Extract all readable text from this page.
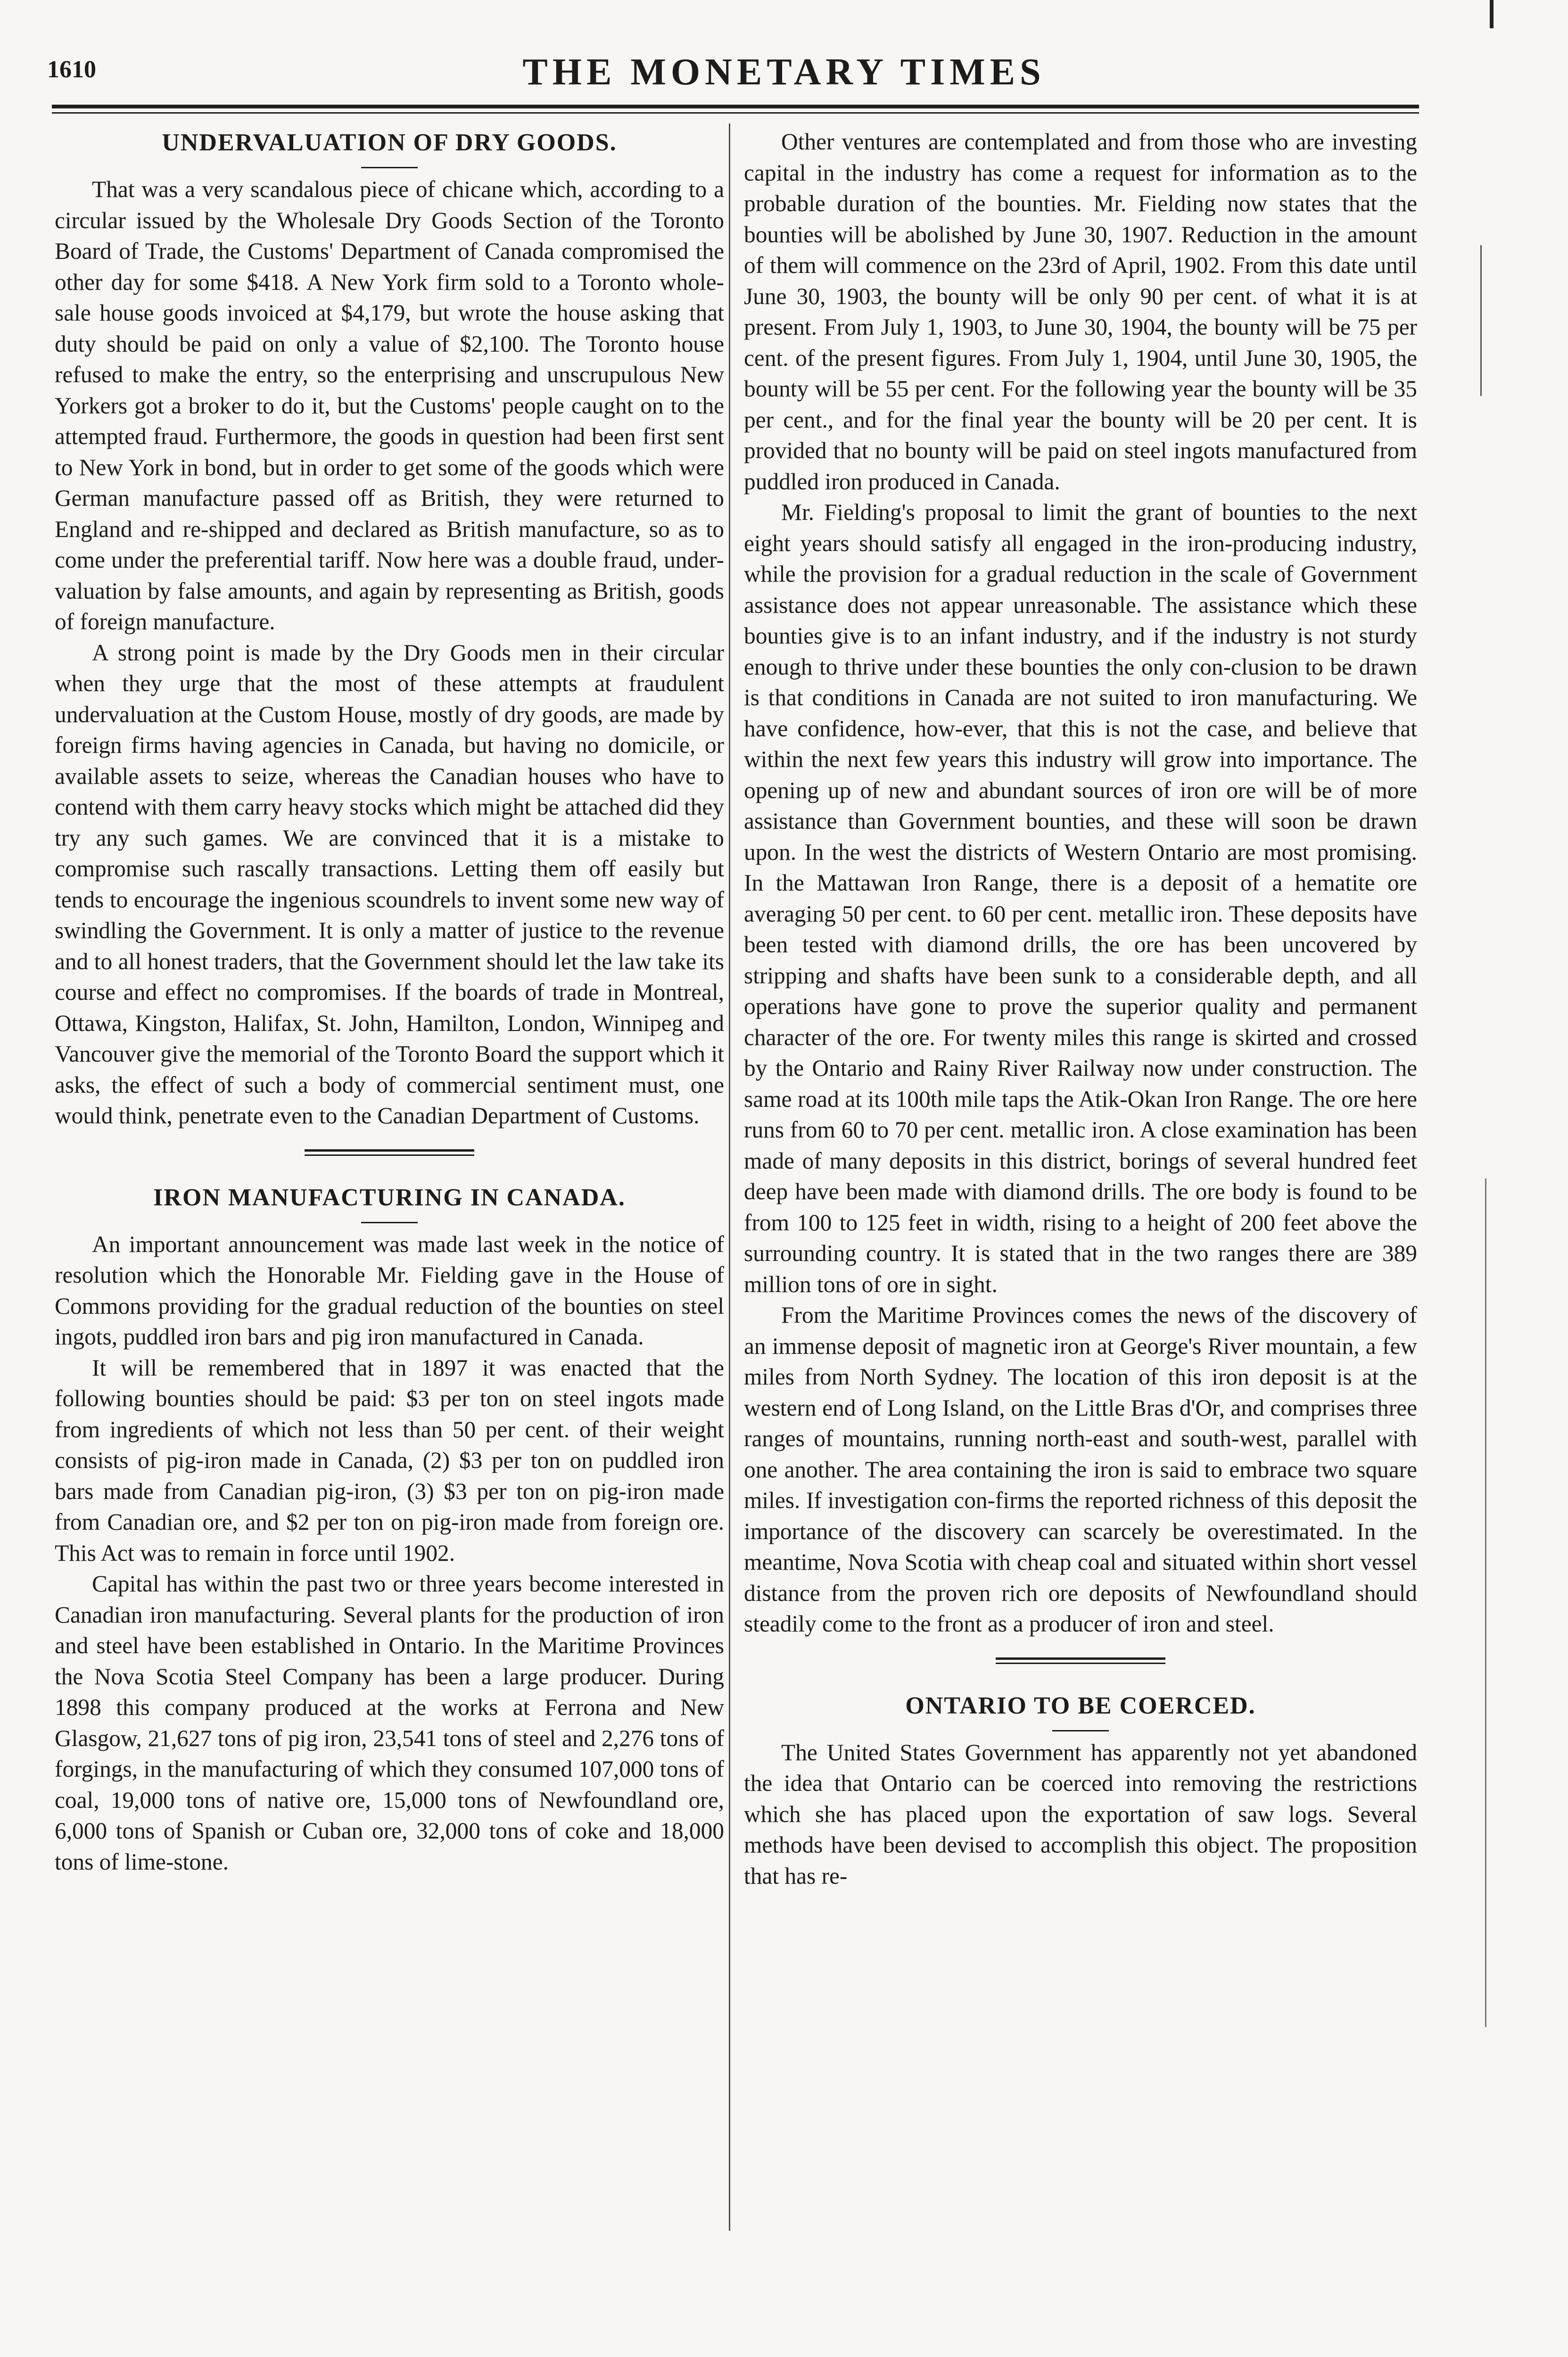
1610	THE MONETARY TIMES
UNDERVALUATION OF DRY GOODS.

That was a very scandalous piece of chicane which, according to a circular issued by the Wholesale Dry Goods Section of the Toronto Board of Trade, the Customs' Department of Canada compromised the other day for some $418. A New York firm sold to a Toronto whole-sale house goods invoiced at $4,179, but wrote the house asking that duty should be paid on only a value of $2,100. The Toronto house refused to make the entry, so the enterprising and unscrupulous New Yorkers got a broker to do it, but the Customs' people caught on to the attempted fraud. Furthermore, the goods in question had been first sent to New York in bond, but in order to get some of the goods which were German manufacture passed off as British, they were returned to England and re-shipped and declared as British manufacture, so as to come under the preferential tariff. Now here was a double fraud, under-valuation by false amounts, and again by representing as British, goods of foreign manufacture.

A strong point is made by the Dry Goods men in their circular when they urge that the most of these attempts at fraudulent undervaluation at the Custom House, mostly of dry goods, are made by foreign firms having agencies in Canada, but having no domicile, or available assets to seize, whereas the Canadian houses who have to contend with them carry heavy stocks which might be attached did they try any such games. We are convinced that it is a mistake to compromise such rascally transactions. Letting them off easily but tends to encourage the ingenious scoundrels to invent some new way of swindling the Government. It is only a matter of justice to the revenue and to all honest traders, that the Government should let the law take its course and effect no compromises. If the boards of trade in Montreal, Ottawa, Kingston, Halifax, St. John, Hamilton, London, Winnipeg and Vancouver give the memorial of the Toronto Board the support which it asks, the effect of such a body of commercial sentiment must, one would think, penetrate even to the Canadian Department of Customs.

IRON MANUFACTURING IN CANADA.

An important announcement was made last week in the notice of resolution which the Honorable Mr. Fielding gave in the House of Commons providing for the gradual reduction of the bounties on steel ingots, puddled iron bars and pig iron manufactured in Canada.

It will be remembered that in 1897 it was enacted that the following bounties should be paid: $3 per ton on steel ingots made from ingredients of which not less than 50 per cent. of their weight consists of pig-iron made in Canada, (2) $3 per ton on puddled iron bars made from Canadian pig-iron, (3) $3 per ton on pig-iron made from Canadian ore, and $2 per ton on pig-iron made from foreign ore. This Act was to remain in force until 1902.

Capital has within the past two or three years become interested in Canadian iron manufacturing. Several plants for the production of iron and steel have been established in Ontario. In the Maritime Provinces the Nova Scotia Steel Company has been a large producer. During 1898 this company produced at the works at Ferrona and New Glasgow, 21,627 tons of pig iron, 23,541 tons of steel and 2,276 tons of forgings, in the manufacturing of which they consumed 107,000 tons of coal, 19,000 tons of native ore, 15,000 tons of Newfoundland ore, 6,000 tons of Spanish or Cuban ore, 32,000 tons of coke and 18,000 tons of lime-stone.

Other ventures are contemplated and from those who are investing capital in the industry has come a request for information as to the probable duration of the bounties. Mr. Fielding now states that the bounties will be abolished by June 30, 1907. Reduction in the amount of them will commence on the 23rd of April, 1902. From this date until June 30, 1903, the bounty will be only 90 per cent. of what it is at present. From July 1, 1903, to June 30, 1904, the bounty will be 75 per cent. of the present figures. From July 1, 1904, until June 30, 1905, the bounty will be 55 per cent. For the following year the bounty will be 35 per cent., and for the final year the bounty will be 20 per cent. It is provided that no bounty will be paid on steel ingots manufactured from puddled iron produced in Canada.

Mr. Fielding's proposal to limit the grant of bounties to the next eight years should satisfy all engaged in the iron-producing industry, while the provision for a gradual reduction in the scale of Government assistance does not appear unreasonable. The assistance which these bounties give is to an infant industry, and if the industry is not sturdy enough to thrive under these bounties the only con-clusion to be drawn is that conditions in Canada are not suited to iron manufacturing. We have confidence, how-ever, that this is not the case, and believe that within the next few years this industry will grow into importance. The opening up of new and abundant sources of iron ore will be of more assistance than Government bounties, and these will soon be drawn upon. In the west the districts of Western Ontario are most promising. In the Mattawan Iron Range, there is a deposit of a hematite ore averaging 50 per cent. to 60 per cent. metallic iron. These deposits have been tested with diamond drills, the ore has been uncovered by stripping and shafts have been sunk to a considerable depth, and all operations have gone to prove the superior quality and permanent character of the ore. For twenty miles this range is skirted and crossed by the Ontario and Rainy River Railway now under construction. The same road at its 100th mile taps the Atik-Okan Iron Range. The ore here runs from 60 to 70 per cent. metallic iron. A close examination has been made of many deposits in this district, borings of several hundred feet deep have been made with diamond drills. The ore body is found to be from 100 to 125 feet in width, rising to a height of 200 feet above the surrounding country. It is stated that in the two ranges there are 389 million tons of ore in sight.

From the Maritime Provinces comes the news of the discovery of an immense deposit of magnetic iron at George's River mountain, a few miles from North Sydney. The location of this iron deposit is at the western end of Long Island, on the Little Bras d'Or, and comprises three ranges of mountains, running north-east and south-west, parallel with one another. The area containing the iron is said to embrace two square miles. If investigation con-firms the reported richness of this deposit the importance of the discovery can scarcely be overestimated. In the meantime, Nova Scotia with cheap coal and situated within short vessel distance from the proven rich ore deposits of Newfoundland should steadily come to the front as a producer of iron and steel.

ONTARIO TO BE COERCED.

The United States Government has apparently not yet abandoned the idea that Ontario can be coerced into removing the restrictions which she has placed upon the exportation of saw logs. Several methods have been devised to accomplish this object. The proposition that has re-
